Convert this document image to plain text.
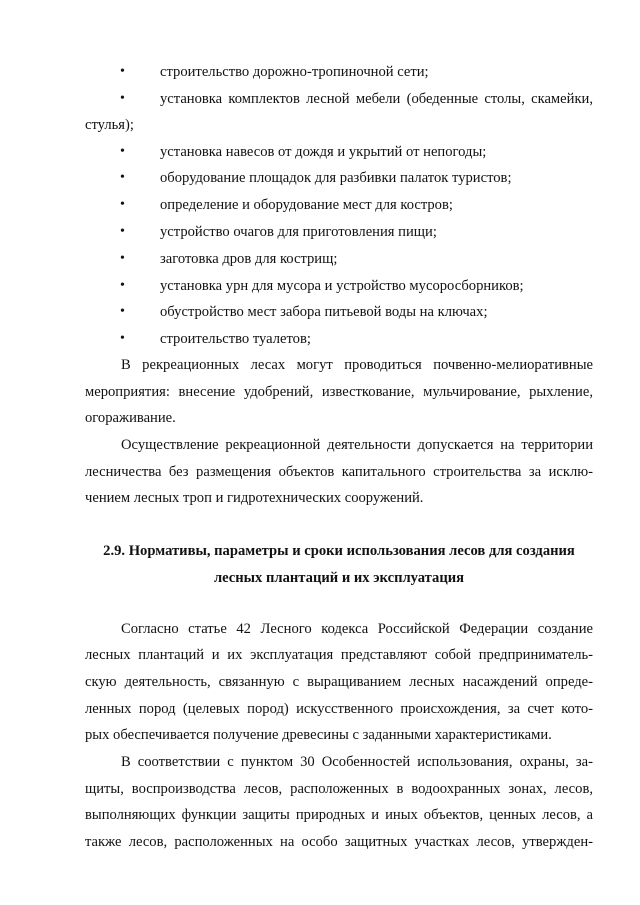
•	строительство дорожно-тропиночной сети;
•	установка комплектов лесной мебели (обеденные столы, скамейки,
стулья);
•	установка навесов от дождя и укрытий от непогоды;
•	оборудование площадок для разбивки палаток туристов;
•	определение и оборудование мест для костров;
•	устройство очагов для приготовления пищи;
•	заготовка дров для кострищ;
•	установка урн для мусора и устройство мусоросборников;
•	обустройство мест забора питьевой воды на ключах;
•	строительство туалетов;
В рекреационных лесах могут проводиться почвенно-мелиоративные
мероприятия: внесение удобрений, известкование, мульчирование, рыхление,
огораживание.
Осуществление рекреационной деятельности допускается на территории
лесничества без размещения объектов капитального строительства за исклю-
чением лесных троп и гидротехнических сооружений.
2.9. Нормативы, параметры и сроки использования лесов для создания
лесных плантаций и их эксплуатация
Согласно статье 42 Лесного кодекса Российской Федерации создание
лесных плантаций и их эксплуатация представляют собой предприниматель-
скую деятельность, связанную с выращиванием лесных насаждений опреде-
ленных пород (целевых пород) искусственного происхождения, за счет кото-
рых обеспечивается получение древесины с заданными характеристиками.
В соответствии с пунктом 30 Особенностей использования, охраны, за-
щиты, воспроизводства лесов, расположенных в водоохранных зонах, лесов,
выполняющих функции защиты природных и иных объектов, ценных лесов, а
также лесов, расположенных на особо защитных участках лесов, утвержден-
